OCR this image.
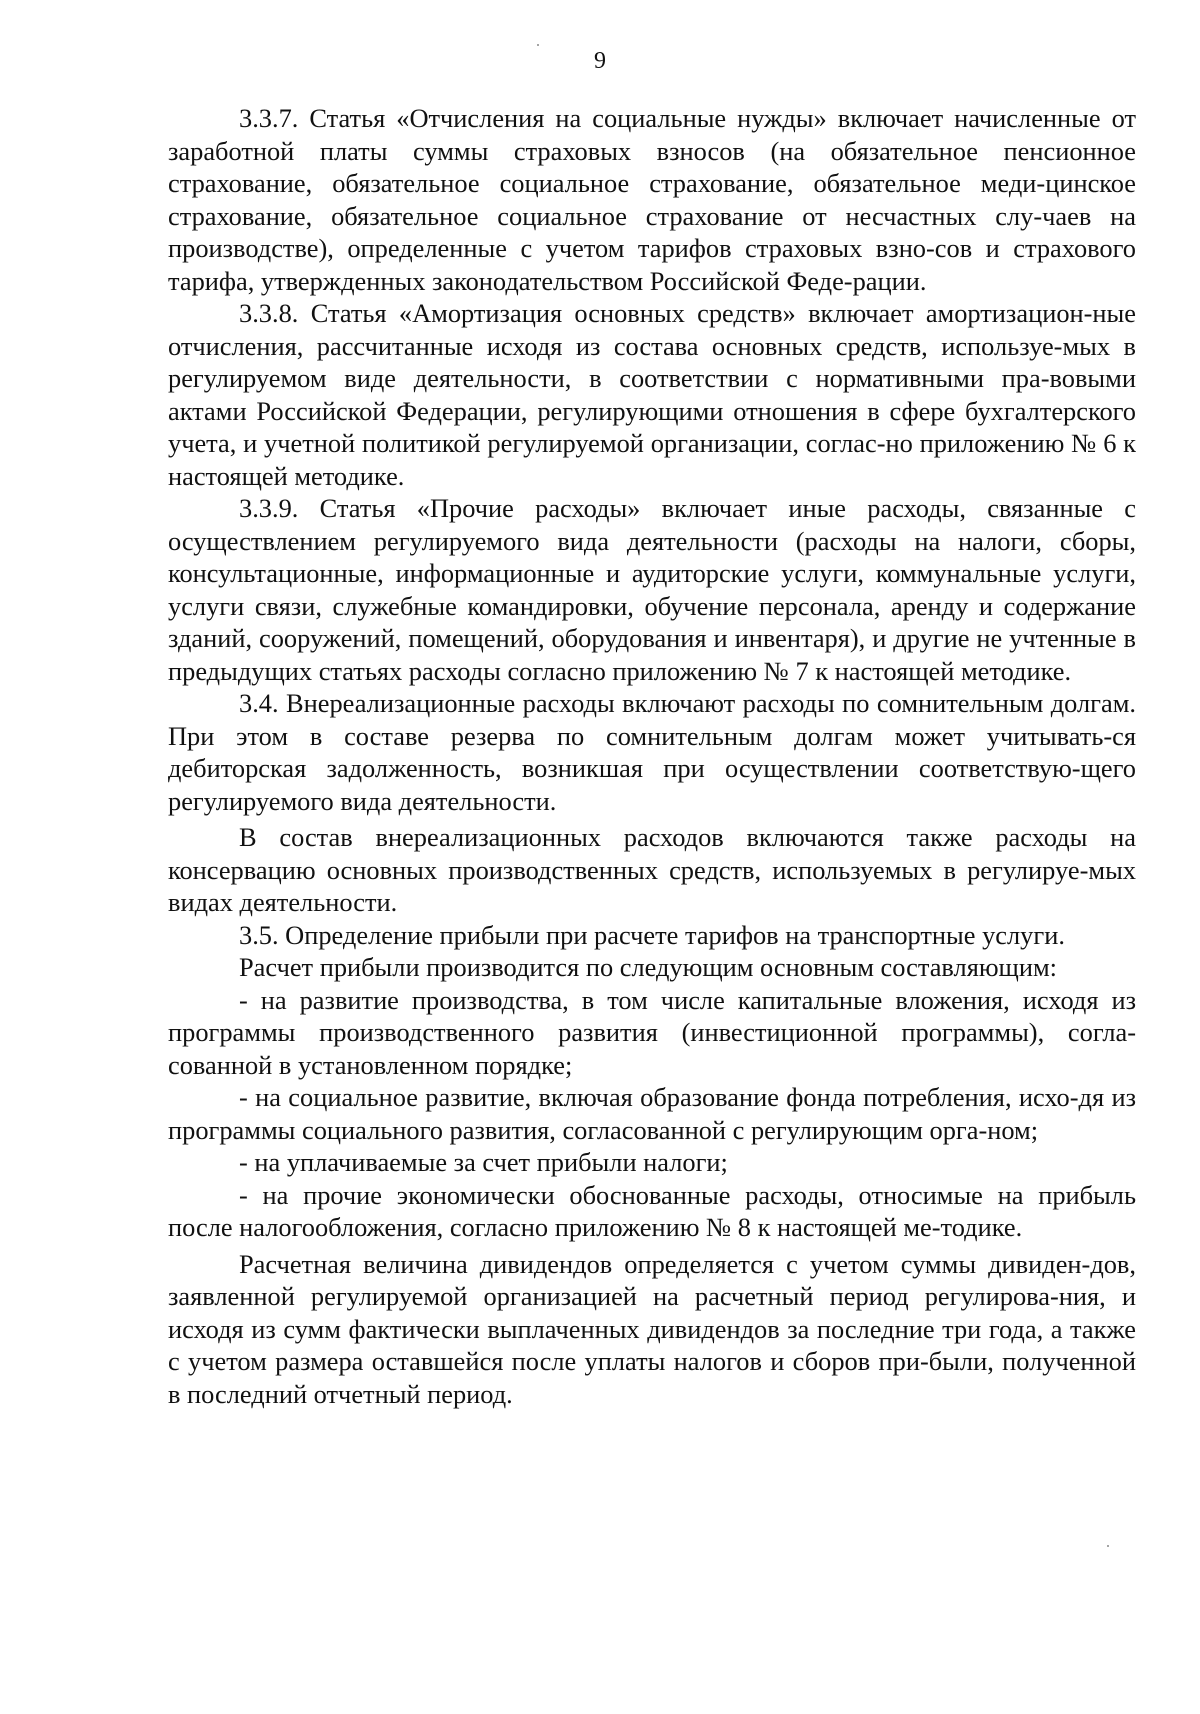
9

3.3.7. Статья «Отчисления на социальные нужды» включает начисленные от заработной платы суммы страховых взносов (на обязательное пенсионное страхование, обязательное социальное страхование, обязательное меди-цинское страхование, обязательное социальное страхование от несчастных слу-чаев на производстве), определенные с учетом тарифов страховых взно-сов и страхового тарифа, утвержденных законодательством Российской Феде-рации.

3.3.8. Статья «Амортизация основных средств» включает амортизацион-ные отчисления, рассчитанные исходя из состава основных средств, используе-мых в регулируемом виде деятельности, в соответствии с нормативными пра-вовыми актами Российской Федерации, регулирующими отношения в сфере бухгалтерского учета, и учетной политикой регулируемой организации, соглас-но приложению № 6 к настоящей методике.

3.3.9. Статья «Прочие расходы» включает иные расходы, связанные с осуществлением регулируемого вида деятельности (расходы на налоги, сборы, консультационные, информационные и аудиторские услуги, коммунальные услуги, услуги связи, служебные командировки, обучение персонала, аренду и содержание зданий, сооружений, помещений, оборудования и инвентаря), и другие не учтенные в предыдущих статьях расходы согласно приложению № 7 к настоящей методике.

3.4. Внереализационные расходы включают расходы по сомнительным долгам. При этом в составе резерва по сомнительным долгам может учитывать-ся дебиторская задолженность, возникшая при осуществлении соответствую-щего регулируемого вида деятельности.

В состав внереализационных расходов включаются также расходы на консервацию основных производственных средств, используемых в регулируе-мых видах деятельности.

3.5. Определение прибыли при расчете тарифов на транспортные услуги.

Расчет прибыли производится по следующим основным составляющим:

- на развитие производства, в том числе капитальные вложения, исходя из программы производственного развития (инвестиционной программы), согла-сованной в установленном порядке;

- на социальное развитие, включая образование фонда потребления, исхо-дя из программы социального развития, согласованной с регулирующим орга-ном;

- на уплачиваемые за счет прибыли налоги;

- на прочие экономически обоснованные расходы, относимые на прибыль после налогообложения, согласно приложению № 8 к настоящей ме-тодике.

Расчетная величина дивидендов определяется с учетом суммы дивиден-дов, заявленной регулируемой организацией на расчетный период регулирова-ния, и исходя из сумм фактически выплаченных дивидендов за последние три года, а также с учетом размера оставшейся после уплаты налогов и сборов при-были, полученной в последний отчетный период.
